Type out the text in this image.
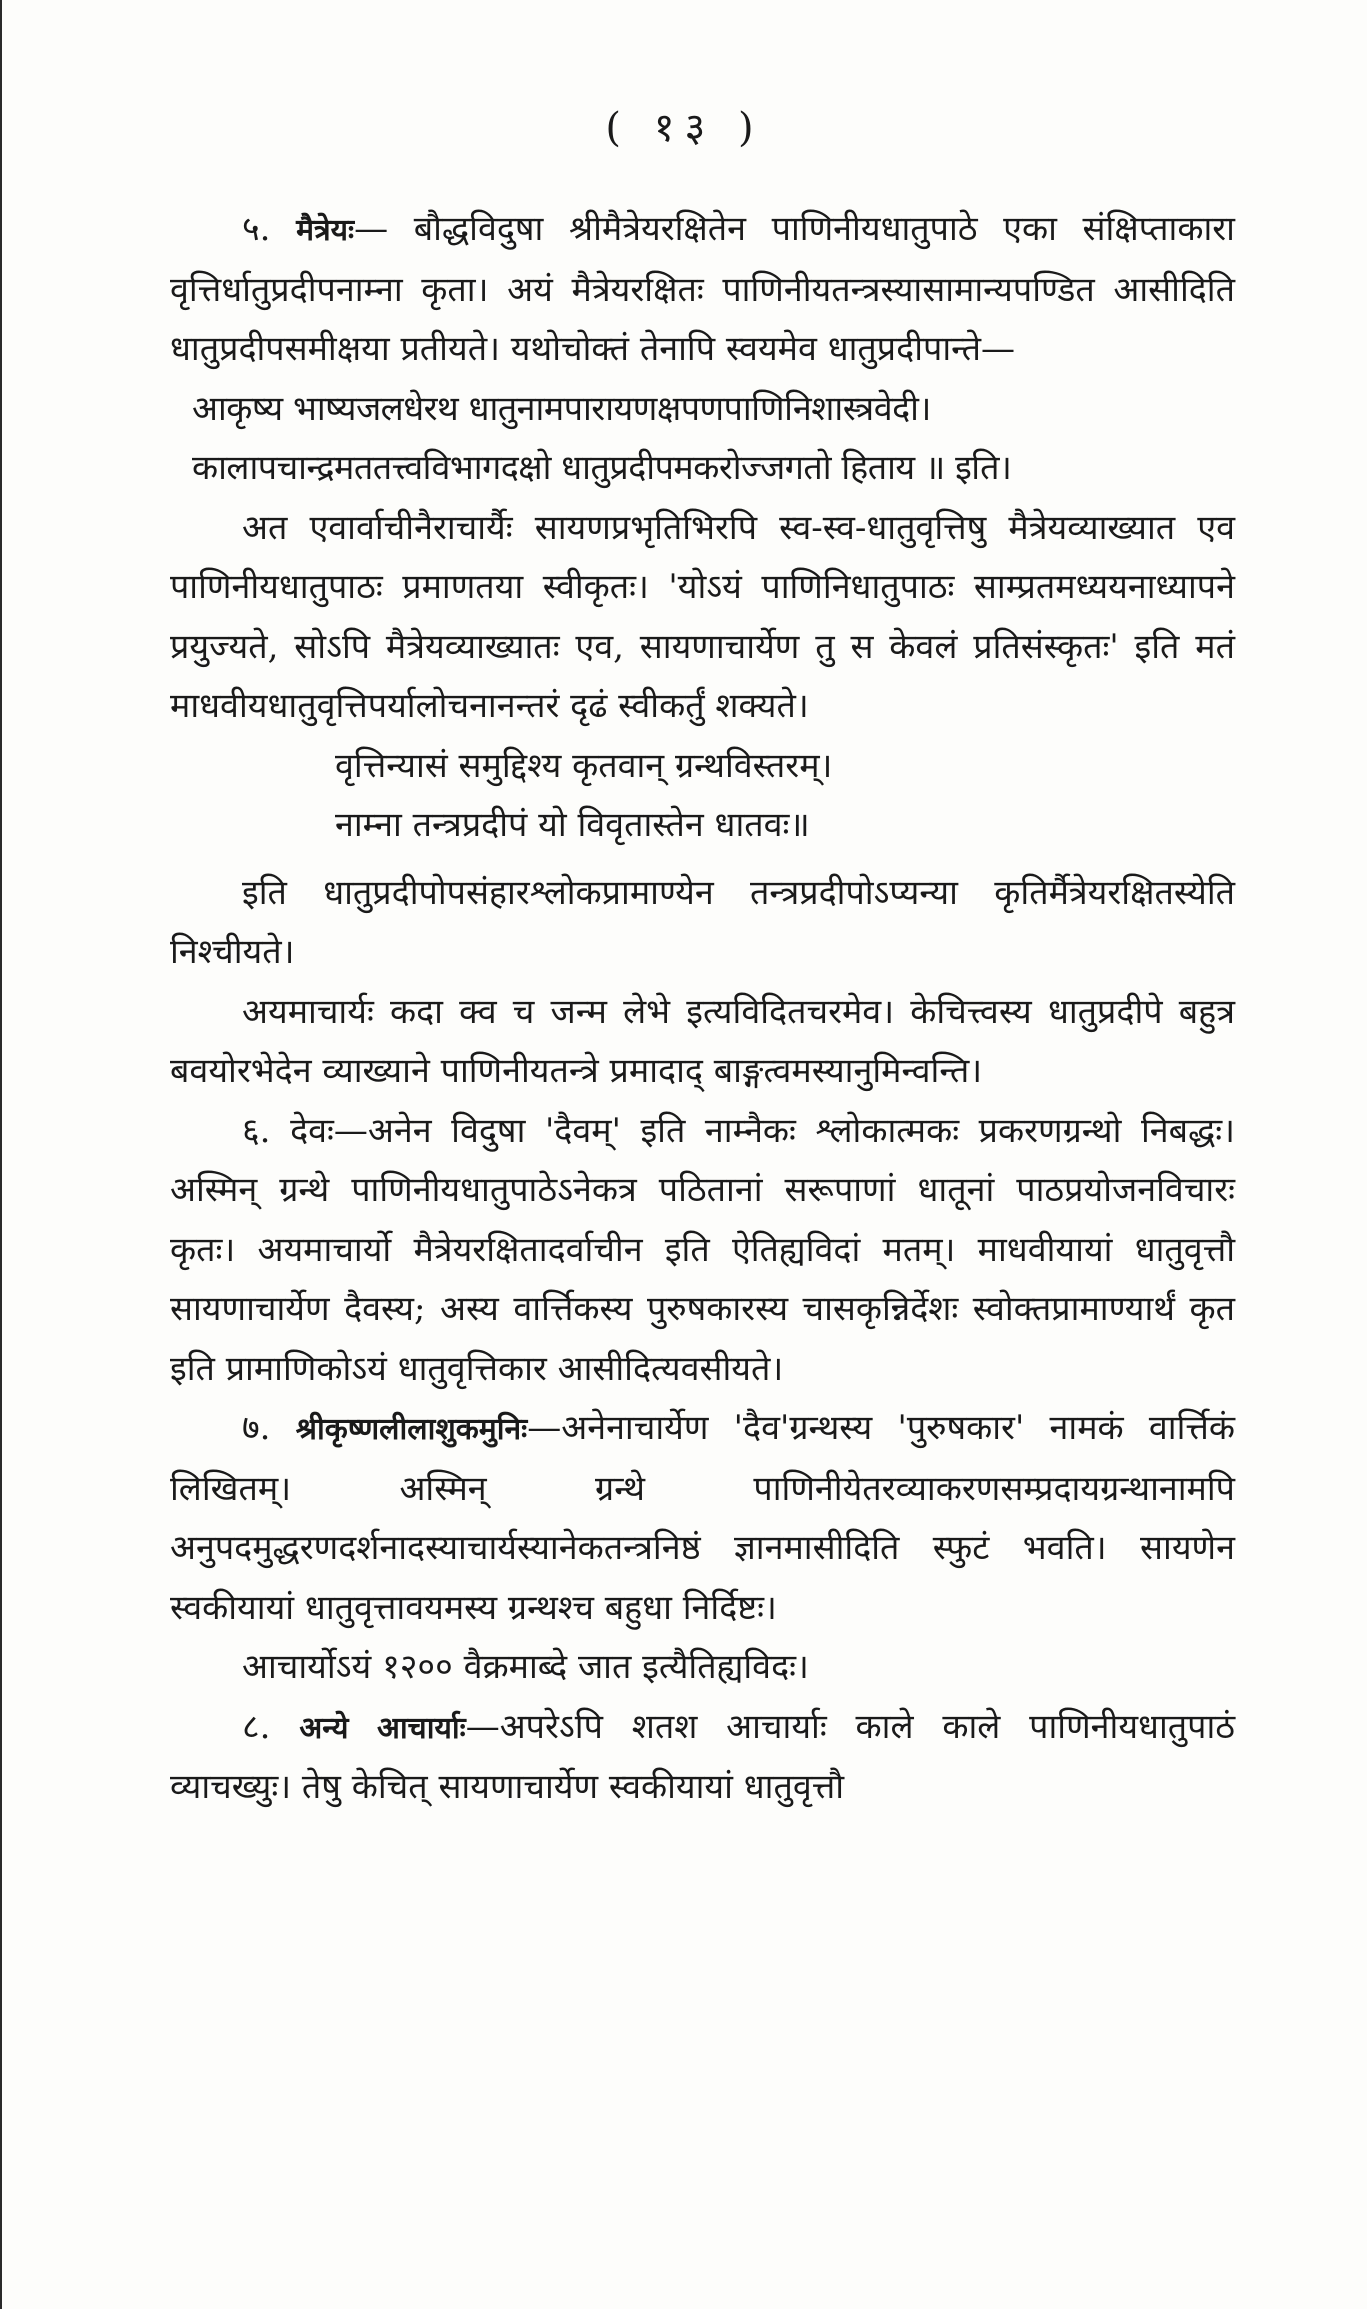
( १३ )

५. मैत्रेयः— बौद्धविदुषा श्रीमैत्रेयरक्षितेन पाणिनीयधातुपाठे एका संक्षिप्ताकारा वृत्तिर्धातुप्रदीपनाम्ना कृता। अयं मैत्रेयरक्षितः पाणिनीयतन्त्रस्यासामान्यपण्डित आसीदिति धातुप्रदीपसमीक्षया प्रतीयते। यथोचोक्तं तेनापि स्वयमेव धातुप्रदीपान्ते—

आकृष्य भाष्यजलधेरथ धातुनामपारायणक्षपणपाणिनिशास्त्रवेदी।

कालापचान्द्रमततत्त्वविभागदक्षो धातुप्रदीपमकरोज्जगतो हिताय ॥ इति।

अत एवार्वाचीनैराचार्यैः सायणप्रभृतिभिरपि स्व-स्व-धातुवृत्तिषु मैत्रेयव्याख्यात एव पाणिनीयधातुपाठः प्रमाणतया स्वीकृतः। 'योऽयं पाणिनिधातुपाठः साम्प्रतमध्ययनाध्यापने प्रयुज्यते, सोऽपि मैत्रेयव्याख्यातः एव, सायणाचार्येण तु स केवलं प्रतिसंस्कृतः' इति मतं माधवीयधातुवृत्तिपर्यालोचनानन्तरं दृढं स्वीकर्तुं शक्यते।

वृत्तिन्यासं समुद्दिश्य कृतवान् ग्रन्थविस्तरम्।

नाम्ना तन्त्रप्रदीपं यो विवृतास्तेन धातवः॥

इति धातुप्रदीपोपसंहारश्लोकप्रामाण्येन तन्त्रप्रदीपोऽप्यन्या कृतिर्मैत्रेयरक्षितस्येति निश्चीयते।

अयमाचार्यः कदा क्व च जन्म लेभे इत्यविदितचरमेव। केचित्त्वस्य धातुप्रदीपे बहुत्र बवयोरभेदेन व्याख्याने पाणिनीयतन्त्रे प्रमादाद् बाङ्गत्वमस्यानुमिन्वन्ति।

६. देवः—अनेन विदुषा 'दैवम्' इति नाम्नैकः श्लोकात्मकः प्रकरणग्रन्थो निबद्धः। अस्मिन् ग्रन्थे पाणिनीयधातुपाठेऽनेकत्र पठितानां सरूपाणां धातूनां पाठप्रयोजनविचारः कृतः। अयमाचार्यो मैत्रेयरक्षितादर्वाचीन इति ऐतिह्यविदां मतम्। माधवीयायां धातुवृत्तौ सायणाचार्येण दैवस्य; अस्य वार्त्तिकस्य पुरुषकारस्य चासकृन्निर्देशः स्वोक्तप्रामाण्यार्थं कृत इति प्रामाणिकोऽयं धातुवृत्तिकार आसीदित्यवसीयते।

७. श्रीकृष्णलीलाशुकमुनिः—अनेनाचार्येण 'दैव'ग्रन्थस्य 'पुरुषकार' नामकं वार्त्तिकं लिखितम्। अस्मिन् ग्रन्थे पाणिनीयेतरव्याकरणसम्प्रदायग्रन्थानामपि अनुपदमुद्धरणदर्शनादस्याचार्यस्यानेकतन्त्रनिष्ठं ज्ञानमासीदिति स्फुटं भवति। सायणेन स्वकीयायां धातुवृत्तावयमस्य ग्रन्थश्च बहुधा निर्दिष्टः।

आचार्योऽयं १२०० वैक्रमाब्दे जात इत्यैतिह्यविदः।

८. अन्ये आचार्याः—अपरेऽपि शतश आचार्याः काले काले पाणिनीयधातुपाठं व्याचख्युः। तेषु केचित् सायणाचार्येण स्वकीयायां धातुवृत्तौ
